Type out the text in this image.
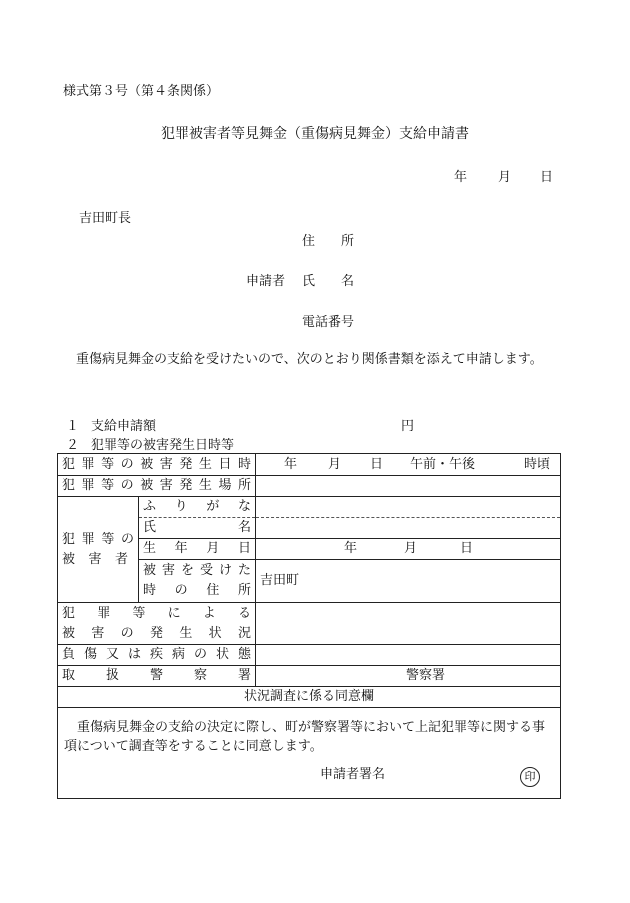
様式第３号（第４条関係）
犯罪被害者等見舞金（重傷病見舞金）支給申請書
年 月 日
吉田町長
住　　所
申請者 氏　　名
電話番号
　重傷病見舞金の支給を受けたいので、次のとおり関係書類を添えて申請します。
１ 支給申請額	円
２ 犯罪等の被害発生日時等
犯罪等の被害発生日時		年 月 日 午前・午後 時頃

犯罪等の被害発生場所		

犯罪等の
被害者	ふりがな	
	氏名	
	生年月日	年 月 日

	被害を受けた
時の住所	吉田町

犯罪等による
被害の発生状況		

負傷又は疾病の状態		
取扱警察署		警察署

状況調査に係る同意欄		

　重傷病見舞金の支給の決定に際し、町が警察署等において上記犯罪等に関する事項について調査等をすることに同意します。
申請者署名 印		
